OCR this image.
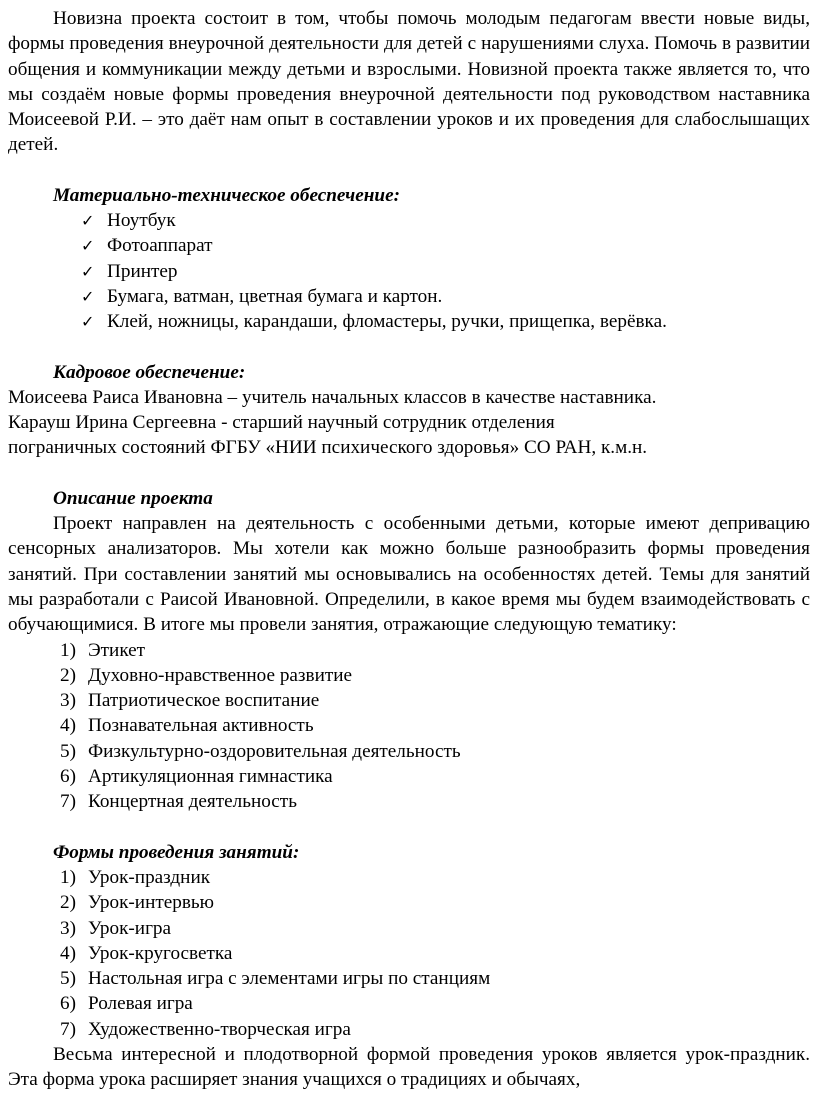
Новизна проекта состоит в том, чтобы помочь молодым педагогам ввести новые виды, формы проведения внеурочной деятельности для детей с нарушениями слуха. Помочь в развитии общения и коммуникации между детьми и взрослыми. Новизной проекта также является то, что мы создаём новые формы проведения внеурочной деятельности под руководством наставника Моисеевой Р.И. – это даёт нам опыт в составлении уроков и их проведения для слабослышащих детей.

Материально-техническое обеспечение:

✓ Ноутбук
✓ Фотоаппарат
✓ Принтер
✓ Бумага, ватман, цветная бумага и картон.
✓ Клей, ножницы, карандаши, фломастеры, ручки, прищепка, верёвка.

Кадровое обеспечение:

Моисеева Раиса Ивановна – учитель начальных классов в качестве наставника.

Карауш Ирина Сергеевна - старший научный сотрудник отделения

пограничных состояний ФГБУ «НИИ психического здоровья» СО РАН, к.м.н.

Описание проекта

Проект направлен на деятельность с особенными детьми, которые имеют депривацию сенсорных анализаторов. Мы хотели как можно больше разнообразить формы проведения занятий. При составлении занятий мы основывались на особенностях детей. Темы для занятий мы разработали с Раисой Ивановной. Определили, в какое время мы будем взаимодействовать с обучающимися. В итоге мы провели занятия, отражающие следующую тематику:

1) Этикет
2) Духовно-нравственное развитие
3) Патриотическое воспитание
4) Познавательная активность
5) Физкультурно-оздоровительная деятельность
6) Артикуляционная гимнастика
7) Концертная деятельность

Формы проведения занятий:

1) Урок-праздник
2) Урок-интервью
3) Урок-игра
4) Урок-кругосветка
5) Настольная игра с элементами игры по станциям
6) Ролевая игра
7) Художественно-творческая игра

Весьма интересной и плодотворной формой проведения уроков является урок-праздник. Эта форма урока расширяет знания учащихся о традициях и обычаях,
